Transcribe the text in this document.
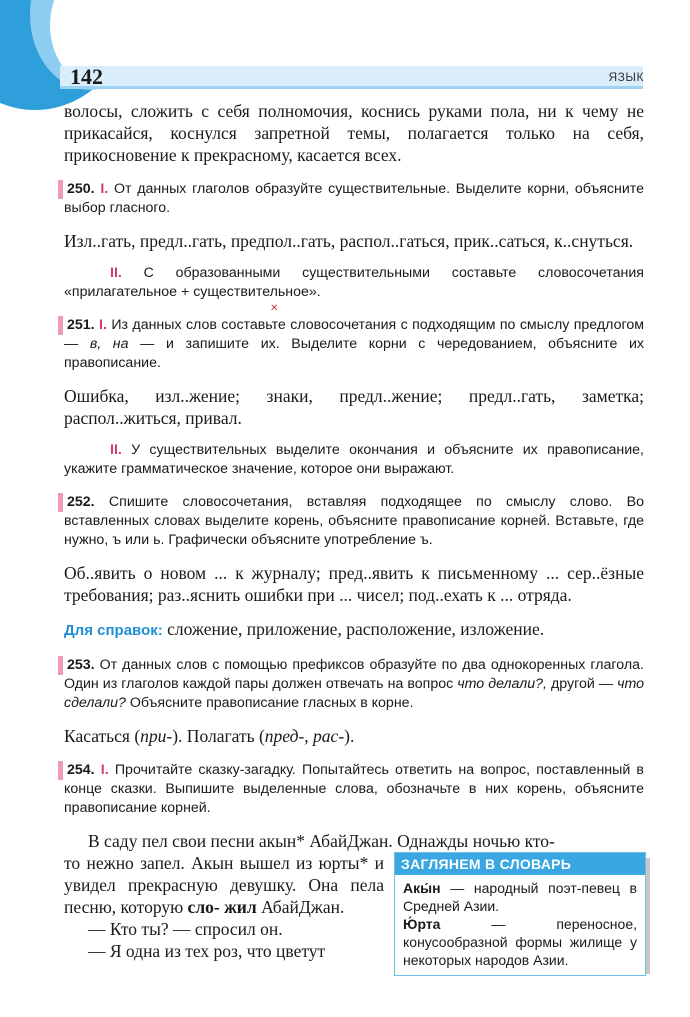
142	ЯЗЫК
✕

волосы, сложить с себя полномочия, коснись руками пола, ни к чему не прикасайся, коснулся запретной темы, полагается только на себя, прикосновение к прекрасному, касается всех.

250. I. От данных глаголов образуйте существительные. Выделите корни, объясните выбор гласного.

Изл..гать, предл..гать, предпол..гать, распол..гаться, прик..саться, к..снуться.

II. С образованными существительными составьте словосочетания «прилагательное + существительное».

251. I. Из данных слов составьте словосочетания с подходящим по смыслу предлогом — в, на — и запишите их. Выделите корни с чередованием, объясните их правописание.

Ошибка, изл..жение; знаки, предл..жение; предл..гать, заметка; распол..житься, привал.

II. У существительных выделите окончания и объясните их правописание, укажите грамматическое значение, которое они выражают.

252. Спишите словосочетания, вставляя подходящее по смыслу слово. Во вставленных словах выделите корень, объясните правописание корней. Вставьте, где нужно, ъ или ь. Графически объясните употребление ъ.

Об..явить о новом ... к журналу; пред..явить к письменному ... сер..ёзные требования; раз..яснить ошибки при ... чисел; под..ехать к ... отряда.

Для справок: сложение, приложение, расположение, изложение.

253. От данных слов с помощью префиксов образуйте по два однокоренных глагола. Один из глаголов каждой пары должен отвечать на вопрос что делали?, другой — что сделали? Объясните правописание гласных в корне.

Касаться (при-). Полагать (пред-, рас-).

254. I. Прочитайте сказку-загадку. Попытайтесь ответить на вопрос, поставленный в конце сказки. Выпишите выделенные слова, обозначьте в них корень, объясните правописание корней.

В саду пел свои песни акын* АбайДжан. Однажды ночью кто-

то нежно запел. Акын вышел из юрты* и увидел прекрасную девушку. Она пела песню, которую сло- жил АбайДжан.

— Кто ты? — спросил он.

— Я одна из тех роз, что цветут

ЗАГЛЯНЕМ В СЛОВАРЬ
Акы́н — народный поэт-певец в Средней Азии.
Ю́рта	— переносное, конусообразной формы жилище у некоторых народов Азии.
